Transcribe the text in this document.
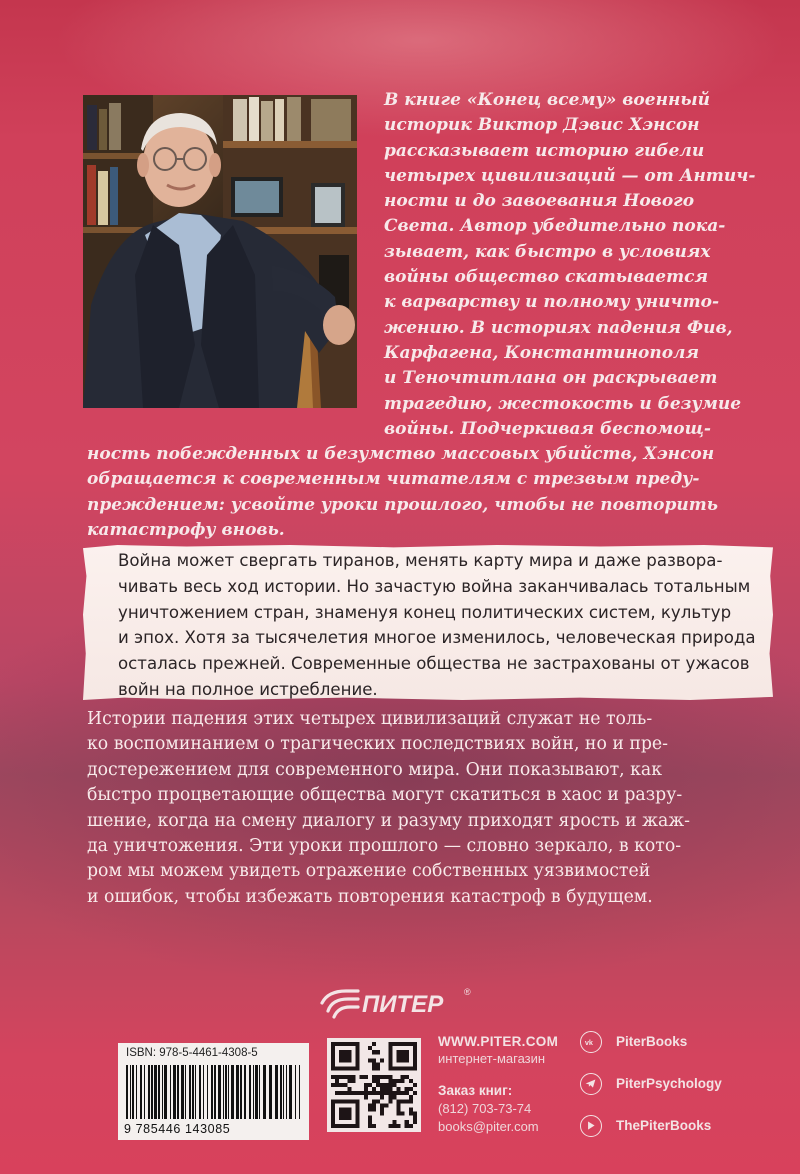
В книге «Конец всему» военный
историк Виктор Дэвис Хэнсон
рассказывает историю гибели
четырех цивилизаций — от Антич-
ности и до завоевания Нового
Света. Автор убедительно пока-
зывает, как быстро в условиях
войны общество скатывается
к варварству и полному уничто-
жению. В историях падения Фив,
Карфагена, Константинополя
и Теночтитлана он раскрывает
трагедию, жестокость и безумие
войны. Подчеркивая беспомощ-

ность побежденных и безумство массовых убийств, Хэнсон
обращается к современным читателям с трезвым преду-
преждением: усвойте уроки прошлого, чтобы не повторить
катастрофу вновь.

Война может свергать тиранов, менять карту мира и даже развора-
чивать весь ход истории. Но зачастую война заканчивалась тотальным
уничтожением стран, знаменуя конец политических систем, культур
и эпох. Хотя за тысячелетия многое изменилось, человеческая природа
осталась прежней. Современные общества не застрахованы от ужасов
войн на полное истребление.

Истории падения этих четырех цивилизаций служат не толь-
ко воспоминанием о трагических последствиях войн, но и пре-
достережением для современного мира. Они показывают, как
быстро процветающие общества могут скатиться в хаос и разру-
шение, когда на смену диалогу и разуму приходят ярость и жаж-
да уничтожения. Эти уроки прошлого — словно зеркало, в кото-
ром мы можем увидеть отражение собственных уязвимостей
и ошибок, чтобы избежать повторения катастроф в будущем.

ПИТЕР ®
ISBN: 978-5-4461-4308-5
9 785446 143085
WWW.PITER.COM
интернет-магазин
Заказ книг:
(812) 703-73-74
books@piter.com
vk PiterBooks
PiterPsychology
ThePiterBooks
